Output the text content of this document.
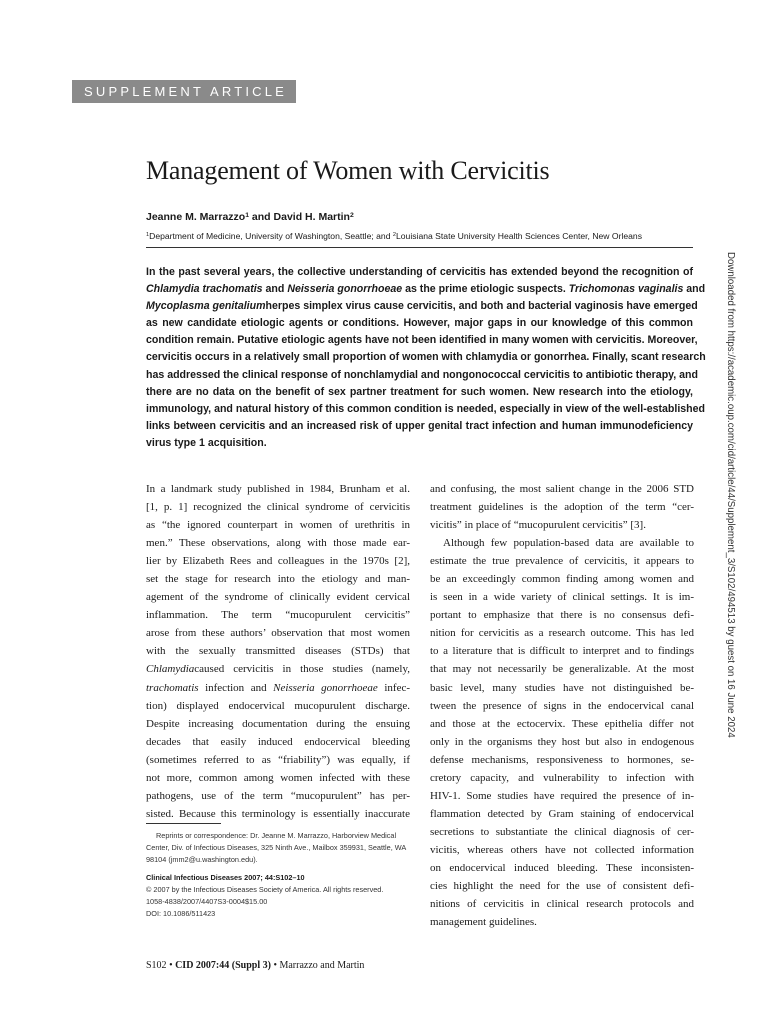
SUPPLEMENT ARTICLE
Management of Women with Cervicitis
Jeanne M. Marrazzo$^1$ and David H. Martin$^2$
$^1$Department of Medicine, University of Washington, Seattle; and $^2$Louisiana State University Health Sciences Center, New Orleans
In the past several years, the collective understanding of cervicitis has extended beyond the recognition of
Chlamydia trachomatis and Neisseria gonorrhoeae as the prime etiologic suspects. Trichomonas vaginalis and
Mycoplasma genitaliumherpes simplex virus cause cervicitis, and both and bacterial vaginosis have emerged
as new candidate etiologic agents or conditions. However, major gaps in our knowledge of this common
condition remain. Putative etiologic agents have not been identified in many women with cervicitis. Moreover,
cervicitis occurs in a relatively small proportion of women with chlamydia or gonorrhea. Finally, scant research
has addressed the clinical response of nonchlamydial and nongonococcal cervicitis to antibiotic therapy, and
there are no data on the benefit of sex partner treatment for such women. New research into the etiology,
immunology, and natural history of this common condition is needed, especially in view of the well-established
links between cervicitis and an increased risk of upper genital tract infection and human immunodeficiency
virus type 1 acquisition.
In a landmark study published in 1984, Brunham et al.
[1, p. 1] recognized the clinical syndrome of cervicitis
as “the ignored counterpart in women of urethritis in
men.” These observations, along with those made ear-
lier by Elizabeth Rees and colleagues in the 1970s [2],
set the stage for research into the etiology and man-
agement of the syndrome of clinically evident cervical
inflammation. The term “mucopurulent cervicitis”
arose from these authors’ observation that most women
with the sexually transmitted diseases (STDs) that
Chlamydiacaused cervicitis in those studies (namely,
trachomatis infection and Neisseria gonorrhoeae infec-
tion) displayed endocervical mucopurulent discharge.
Despite increasing documentation during the ensuing
decades that easily induced endocervical bleeding
(sometimes referred to as “friability”) was equally, if
not more, common among women infected with these
pathogens, use of the term “mucopurulent” has per-
sisted. Because this terminology is essentially inaccurate
and confusing, the most salient change in the 2006 STD
treatment guidelines is the adoption of the term “cer-
vicitis” in place of “mucopurulent cervicitis” [3].
Although few population-based data are available to
estimate the true prevalence of cervicitis, it appears to
be an exceedingly common finding among women and
is seen in a wide variety of clinical settings. It is im-
portant to emphasize that there is no consensus defi-
nition for cervicitis as a research outcome. This has led
to a literature that is difficult to interpret and to findings
that may not necessarily be generalizable. At the most
basic level, many studies have not distinguished be-
tween the presence of signs in the endocervical canal
and those at the ectocervix. These epithelia differ not
only in the organisms they host but also in endogenous
defense mechanisms, responsiveness to hormones, se-
cretory capacity, and vulnerability to infection with
HIV-1. Some studies have required the presence of in-
flammation detected by Gram staining of endocervical
secretions to substantiate the clinical diagnosis of cer-
vicitis, whereas others have not collected information
on endocervical induced bleeding. These inconsisten-
cies highlight the need for the use of consistent defi-
nitions of cervicitis in clinical research protocols and
management guidelines.
Reprints or correspondence: Dr. Jeanne M. Marrazzo, Harborview Medical
Center, Div. of Infectious Diseases, 325 Ninth Ave., Mailbox 359931, Seattle, WA
98104 (jmm2@u.washington.edu).
Clinical Infectious Diseases 2007; 44:S102–10
© 2007 by the Infectious Diseases Society of America. All rights reserved.
1058-4838/2007/4407S3-0004$15.00
DOI: 10.1086/511423
S102 • CID 2007:44 (Suppl 3) • Marrazzo and Martin
Downloaded from https://academic.oup.com/cid/article/44/Supplement_3/S102/494513 by guest on 16 June 2024
